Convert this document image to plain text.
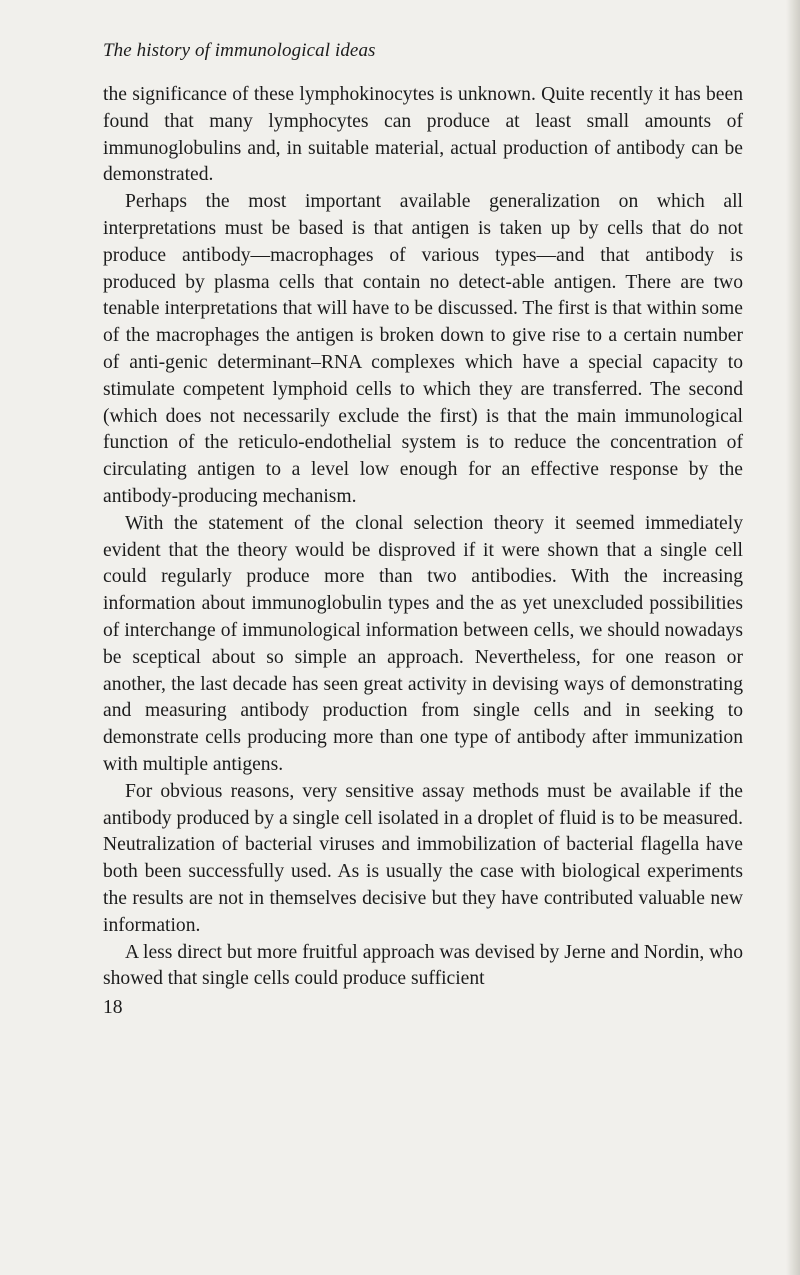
The history of immunological ideas

the significance of these lymphokinocytes is unknown. Quite recently it has been found that many lymphocytes can produce at least small amounts of immunoglobulins and, in suitable material, actual production of antibody can be demonstrated.

Perhaps the most important available generalization on which all interpretations must be based is that antigen is taken up by cells that do not produce antibody—macrophages of various types—and that antibody is produced by plasma cells that contain no detect-able antigen. There are two tenable interpretations that will have to be discussed. The first is that within some of the macrophages the antigen is broken down to give rise to a certain number of anti-genic determinant–RNA complexes which have a special capacity to stimulate competent lymphoid cells to which they are transferred. The second (which does not necessarily exclude the first) is that the main immunological function of the reticulo-endothelial system is to reduce the concentration of circulating antigen to a level low enough for an effective response by the antibody-producing mechanism.

With the statement of the clonal selection theory it seemed immediately evident that the theory would be disproved if it were shown that a single cell could regularly produce more than two antibodies. With the increasing information about immunoglobulin types and the as yet unexcluded possibilities of interchange of immunological information between cells, we should nowadays be sceptical about so simple an approach. Nevertheless, for one reason or another, the last decade has seen great activity in devising ways of demonstrating and measuring antibody production from single cells and in seeking to demonstrate cells producing more than one type of antibody after immunization with multiple antigens.

For obvious reasons, very sensitive assay methods must be available if the antibody produced by a single cell isolated in a droplet of fluid is to be measured. Neutralization of bacterial viruses and immobilization of bacterial flagella have both been successfully used. As is usually the case with biological experiments the results are not in themselves decisive but they have contributed valuable new information.

A less direct but more fruitful approach was devised by Jerne and Nordin, who showed that single cells could produce sufficient

18
